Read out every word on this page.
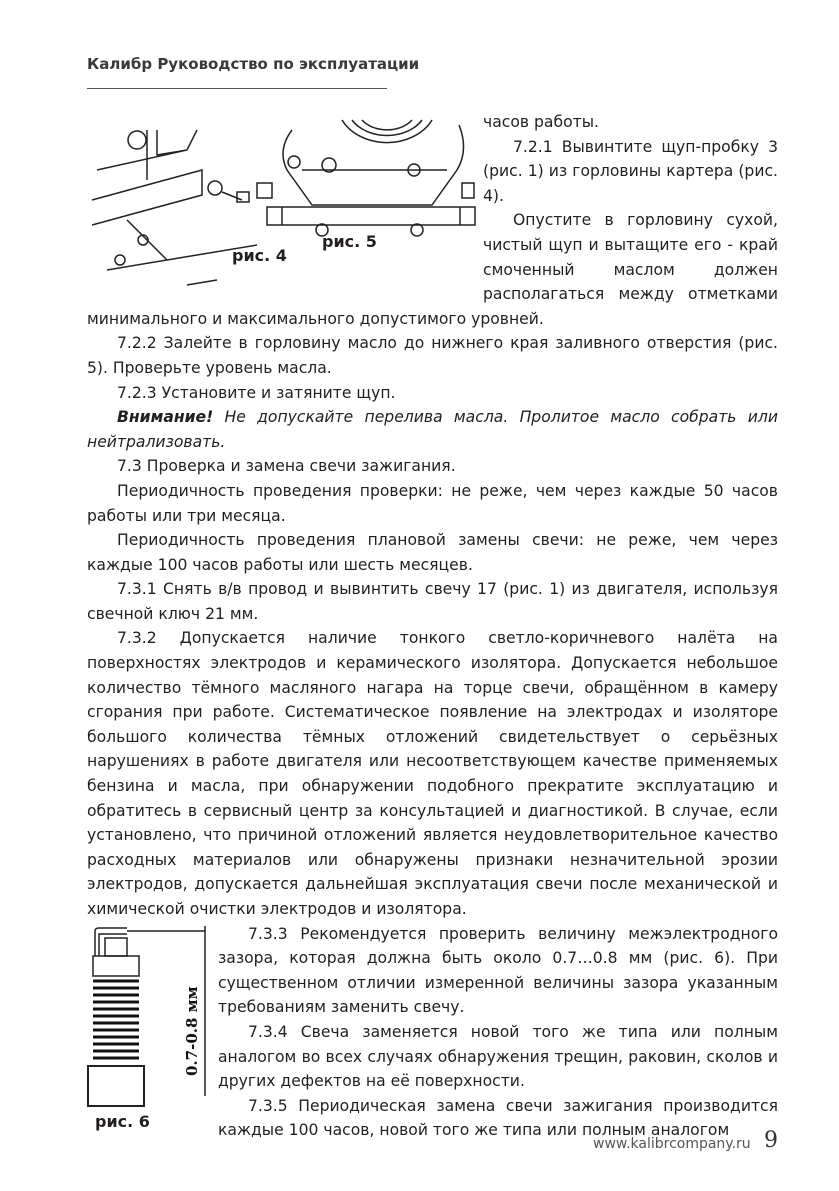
Калибр Руководство по эксплуатации
рис. 5
рис. 4

часов работы.

7.2.1 Вывинтите щуп-пробку 3 (рис. 1) из горловины картера (рис. 4).

Опустите в горловину сухой, чистый щуп и вытащите его - край смоченный маслом должен располагаться между отметками минимального и максимального допустимого уровней.

7.2.2 Залейте в горловину масло до нижнего края заливного отверстия (рис. 5). Проверьте уровень масла.

7.2.3 Установите и затяните щуп.

Внимание! Не допускайте перелива масла. Пролитое масло собрать или нейтрализовать.

7.3 Проверка и замена свечи зажигания.

Периодичность проведения проверки: не реже, чем через каждые 50 часов работы или три месяца.

Периодичность проведения плановой замены свечи: не реже, чем через каждые 100 часов работы или шесть месяцев.

7.3.1 Снять в/в провод и вывинтить свечу 17 (рис. 1) из двигателя, используя свечной ключ 21 мм.

7.3.2 Допускается наличие тонкого светло-коричневого налёта на поверхностях электродов и керамического изолятора. Допускается небольшое количество тёмного масляного нагара на торце свечи, обращённом в камеру сгорания при работе. Систематическое появление на электродах и изоляторе большого количества тёмных отложений свидетельствует о серьёзных нарушениях в работе двигателя или несоответствующем качестве применяемых бензина и масла, при обнаружении подобного прекратите эксплуатацию и обратитесь в сервисный центр за консультацией и диагностикой. В случае, если установлено, что причиной отложений является неудовлетворительное качество расходных материалов или обнаружены признаки незначительной эрозии электродов, допускается дальнейшая эксплуатация свечи после механической и химической очистки электродов и изолятора.

0.7-0.8 мм
рис. 6

7.3.3 Рекомендуется проверить величину межэлектродного зазора, которая должна быть около 0.7…0.8 мм (рис. 6). При существенном отличии измеренной величины зазора указанным требованиям заменить свечу.

7.3.4 Свеча заменяется новой того же типа или полным аналогом во всех случаях обнаружения трещин, раковин, сколов и других дефектов на её поверхности.

7.3.5 Периодическая замена свечи зажигания производится каждые 100 часов, новой того же типа или полным аналогом

www.kalibrcompany.ru 9
